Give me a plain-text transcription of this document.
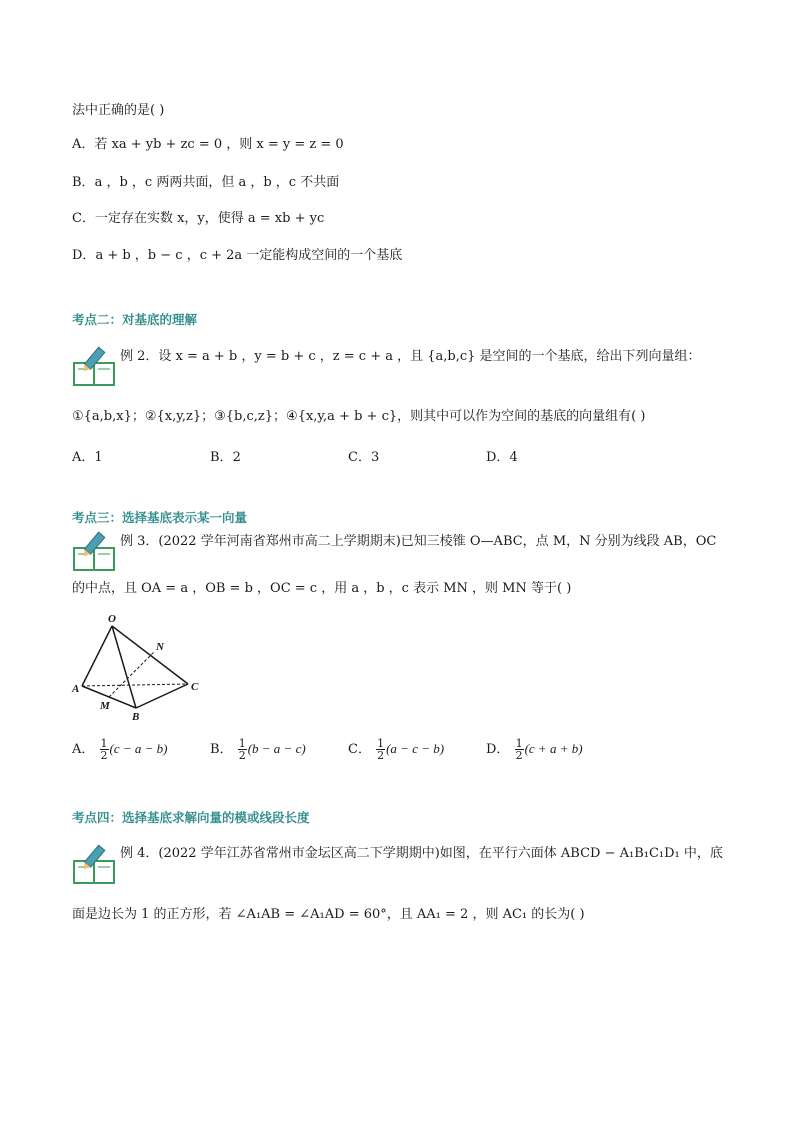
法中正确的是( )
A．若 xa + yb + zc = 0 ，则 x = y = z = 0
B．a ，b ，c 两两共面，但 a ，b ，c 不共面
C．一定存在实数 x，y，使得 a = xb + yc
D．a + b ，b − c ，c + 2a 一定能构成空间的一个基底
考点二：对基底的理解
例 2．设 x = a + b ，y = b + c ，z = c + a ，且 {a,b,c} 是空间的一个基底，给出下列向量组：
①{a,b,x}；②{x,y,z}；③{b,c,z}；④{x,y,a + b + c}，则其中可以作为空间的基底的向量组有( )
A．1	B．2	C．3	D．4
考点三：选择基底表示某一向量
例 3．(2022 学年河南省郑州市高二上学期期末)已知三棱锥 O—ABC，点 M，N 分别为线段 AB，OC
的中点，且 OA = a ，OB = b ，OC = c ，用 a ，b ，c 表示 MN ，则 MN 等于( )
O
N
A	C
M
B
A． $\frac{1}{2} (c - a - b)$	B． $\frac{1}{2} (b - a - c)$	C． $\frac{1}{2} (a - c - b)$	D． $\frac{1}{2} (c + a + b)$
考点四：选择基底求解向量的模或线段长度
例 4．(2022 学年江苏省常州市金坛区高二下学期期中)如图，在平行六面体 ABCD − A₁B₁C₁D₁ 中，底
面是边长为 1 的正方形，若 ∠A₁AB = ∠A₁AD = 60°，且 AA₁ = 2 ，则 AC₁ 的长为( )
